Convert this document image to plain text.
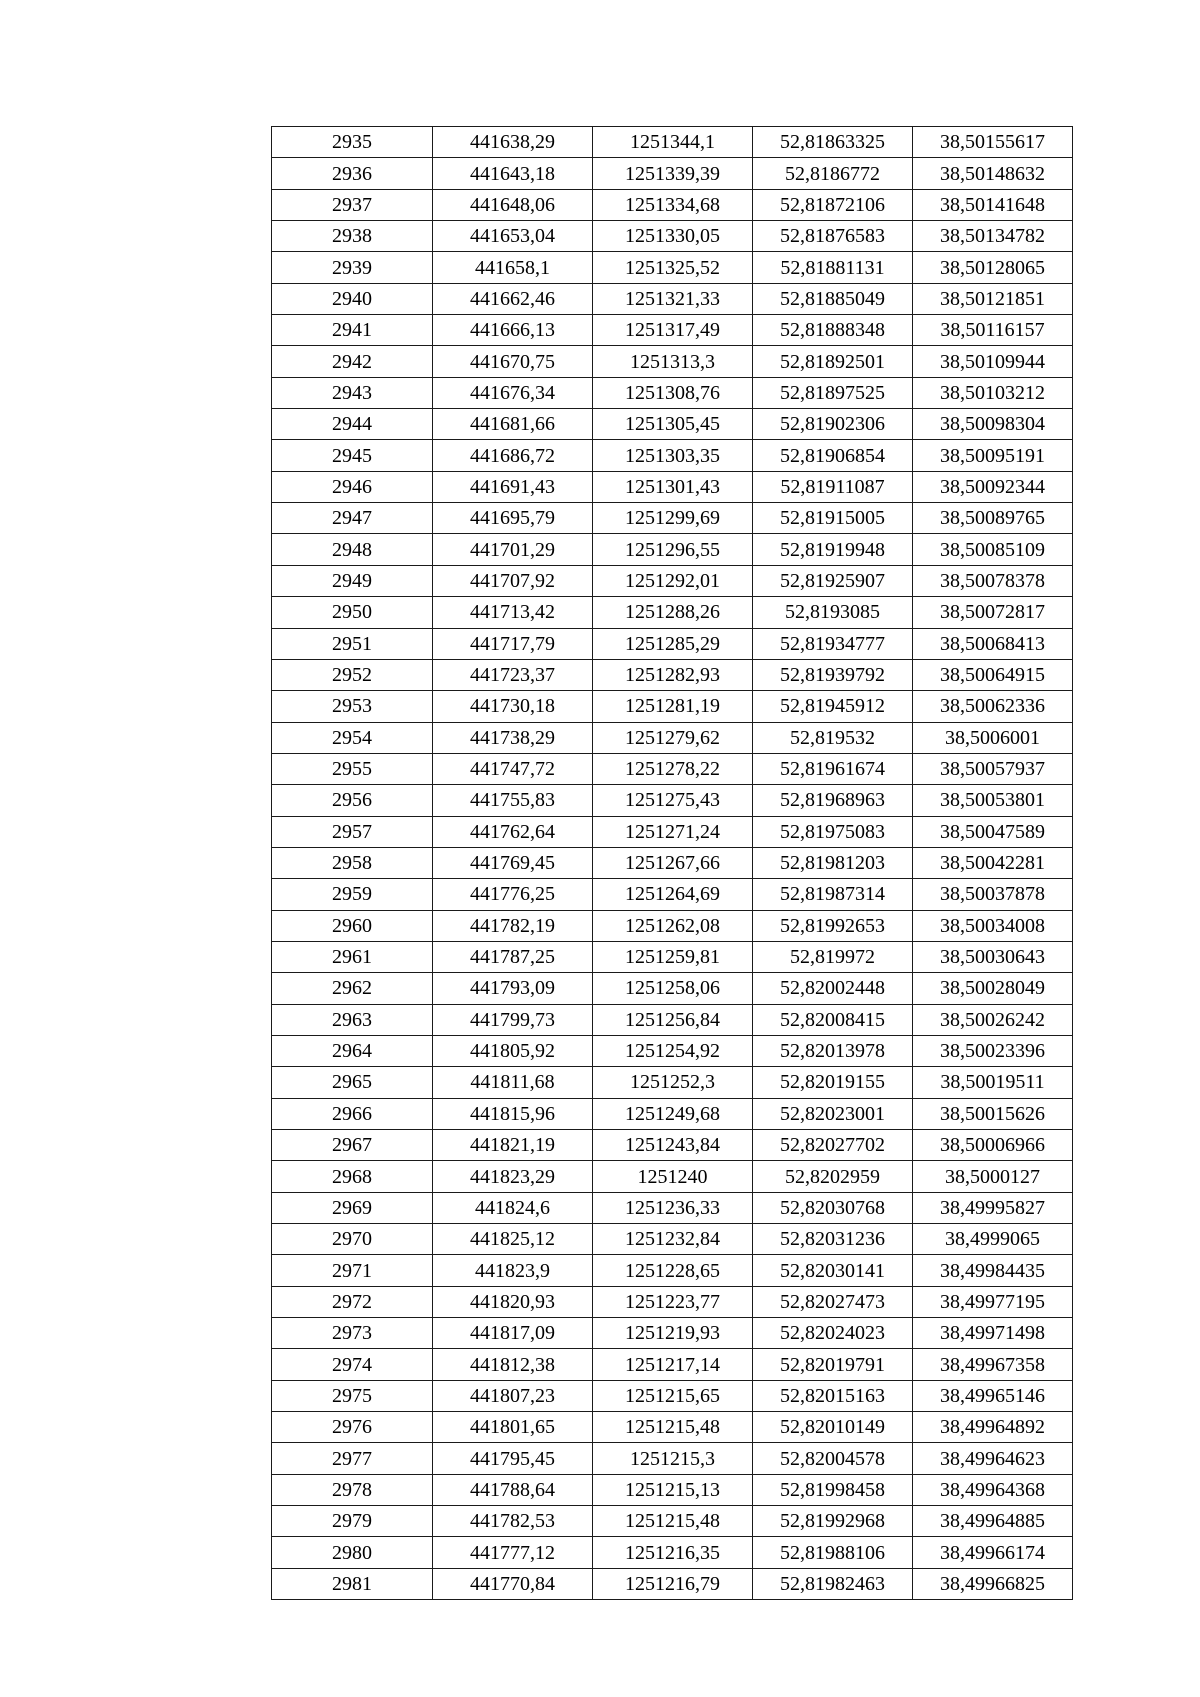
2935	441638,29	1251344,1	52,81863325	38,50155617
2936	441643,18	1251339,39	52,8186772	38,50148632
2937	441648,06	1251334,68	52,81872106	38,50141648
2938	441653,04	1251330,05	52,81876583	38,50134782
2939	441658,1	1251325,52	52,81881131	38,50128065
2940	441662,46	1251321,33	52,81885049	38,50121851
2941	441666,13	1251317,49	52,81888348	38,50116157
2942	441670,75	1251313,3	52,81892501	38,50109944
2943	441676,34	1251308,76	52,81897525	38,50103212
2944	441681,66	1251305,45	52,81902306	38,50098304
2945	441686,72	1251303,35	52,81906854	38,50095191
2946	441691,43	1251301,43	52,81911087	38,50092344
2947	441695,79	1251299,69	52,81915005	38,50089765
2948	441701,29	1251296,55	52,81919948	38,50085109
2949	441707,92	1251292,01	52,81925907	38,50078378
2950	441713,42	1251288,26	52,8193085	38,50072817
2951	441717,79	1251285,29	52,81934777	38,50068413
2952	441723,37	1251282,93	52,81939792	38,50064915
2953	441730,18	1251281,19	52,81945912	38,50062336
2954	441738,29	1251279,62	52,819532	38,5006001
2955	441747,72	1251278,22	52,81961674	38,50057937
2956	441755,83	1251275,43	52,81968963	38,50053801
2957	441762,64	1251271,24	52,81975083	38,50047589
2958	441769,45	1251267,66	52,81981203	38,50042281
2959	441776,25	1251264,69	52,81987314	38,50037878
2960	441782,19	1251262,08	52,81992653	38,50034008
2961	441787,25	1251259,81	52,819972	38,50030643
2962	441793,09	1251258,06	52,82002448	38,50028049
2963	441799,73	1251256,84	52,82008415	38,50026242
2964	441805,92	1251254,92	52,82013978	38,50023396
2965	441811,68	1251252,3	52,82019155	38,50019511
2966	441815,96	1251249,68	52,82023001	38,50015626
2967	441821,19	1251243,84	52,82027702	38,50006966
2968	441823,29	1251240	52,8202959	38,5000127
2969	441824,6	1251236,33	52,82030768	38,49995827
2970	441825,12	1251232,84	52,82031236	38,4999065
2971	441823,9	1251228,65	52,82030141	38,49984435
2972	441820,93	1251223,77	52,82027473	38,49977195
2973	441817,09	1251219,93	52,82024023	38,49971498
2974	441812,38	1251217,14	52,82019791	38,49967358
2975	441807,23	1251215,65	52,82015163	38,49965146
2976	441801,65	1251215,48	52,82010149	38,49964892
2977	441795,45	1251215,3	52,82004578	38,49964623
2978	441788,64	1251215,13	52,81998458	38,49964368
2979	441782,53	1251215,48	52,81992968	38,49964885
2980	441777,12	1251216,35	52,81988106	38,49966174
2981	441770,84	1251216,79	52,81982463	38,49966825
